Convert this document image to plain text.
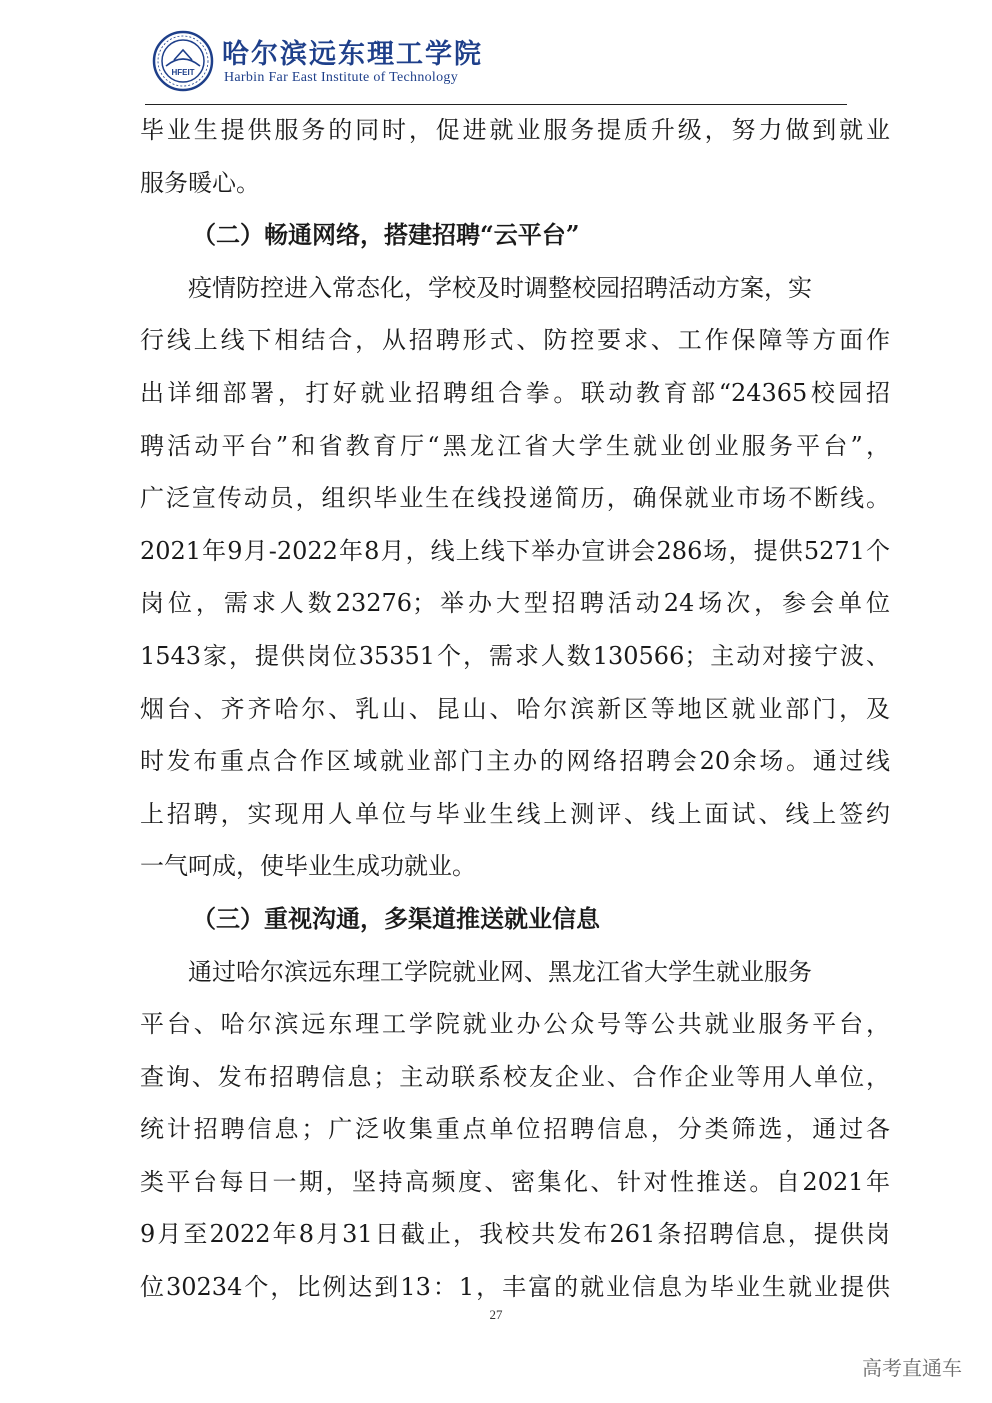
HFEIT
哈尔滨远东理工学院
Harbin Far East Institute of Technology
毕业生提供服务的同时，促进就业服务提质升级，努力做到就业
服务暖心。
（二）畅通网络，搭建招聘“云平台”
疫情防控进入常态化，学校及时调整校园招聘活动方案，实
行线上线下相结合，从招聘形式、防控要求、工作保障等方面作
出详细部署，打好就业招聘组合拳。联动教育部“24365校园招
聘活动平台”和省教育厅“黑龙江省大学生就业创业服务平台”，
广泛宣传动员，组织毕业生在线投递简历，确保就业市场不断线。
2021年9月-2022年8月，线上线下举办宣讲会286场，提供5271个
岗位，需求人数23276；举办大型招聘活动24场次，参会单位
1543家，提供岗位35351个，需求人数130566；主动对接宁波、
烟台、齐齐哈尔、乳山、昆山、哈尔滨新区等地区就业部门，及
时发布重点合作区域就业部门主办的网络招聘会20余场。通过线
上招聘，实现用人单位与毕业生线上测评、线上面试、线上签约
一气呵成，使毕业生成功就业。
（三）重视沟通，多渠道推送就业信息
通过哈尔滨远东理工学院就业网、黑龙江省大学生就业服务
平台、哈尔滨远东理工学院就业办公众号等公共就业服务平台，
查询、发布招聘信息；主动联系校友企业、合作企业等用人单位，
统计招聘信息；广泛收集重点单位招聘信息，分类筛选，通过各
类平台每日一期，坚持高频度、密集化、针对性推送。自2021年
9月至2022年8月31日截止，我校共发布261条招聘信息，提供岗
位30234个，比例达到13：1，丰富的就业信息为毕业生就业提供
27
高考直通车
